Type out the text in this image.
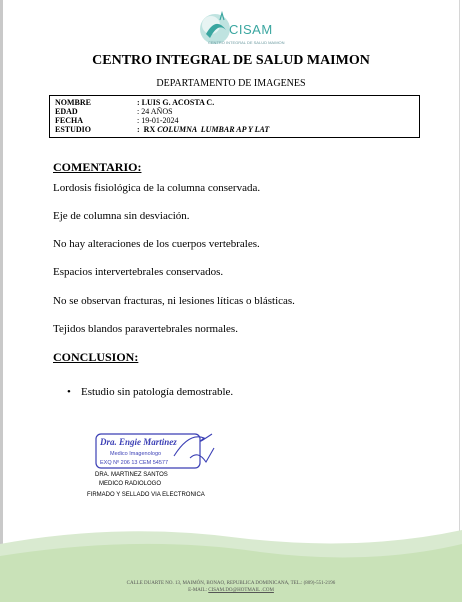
CISAM
CENTRO INTEGRAL DE SALUD MAIMON
CENTRO INTEGRAL DE SALUD MAIMON
DEPARTAMENTO DE IMAGENES
NOMBRE	: LUIS G. ACOSTA C.
EDAD	: 24 AÑOS
FECHA	: 19-01-2024
ESTUDIO	:  RX COLUMNA  LUMBAR AP Y LAT
COMENTARIO:
Lordosis fisiológica de la columna conservada.
Eje de columna sin desviación.
No hay alteraciones de los cuerpos vertebrales.
Espacios intervertebrales conservados.
No se observan fracturas, ni lesiones líticas o blásticas.
Tejidos blandos paravertebrales normales.
CONCLUSION:
• Estudio sin patología demostrable.
Dra. Engie Martinez
Medico Imagenologo
EXQ Nº 206 13 CEM 54577
DRA. MARTINEZ SANTOS
MEDICO RADIOLOGO
FIRMADO Y SELLADO VIA ELECTRONICA
CALLE DUARTE NO. 13, MAIMÓN, BONAO, REPUBLICA DOMINICANA, TEL.: (809)-551-2196
E-MAIL: CISAM.DO@HOTMAIL .COM
